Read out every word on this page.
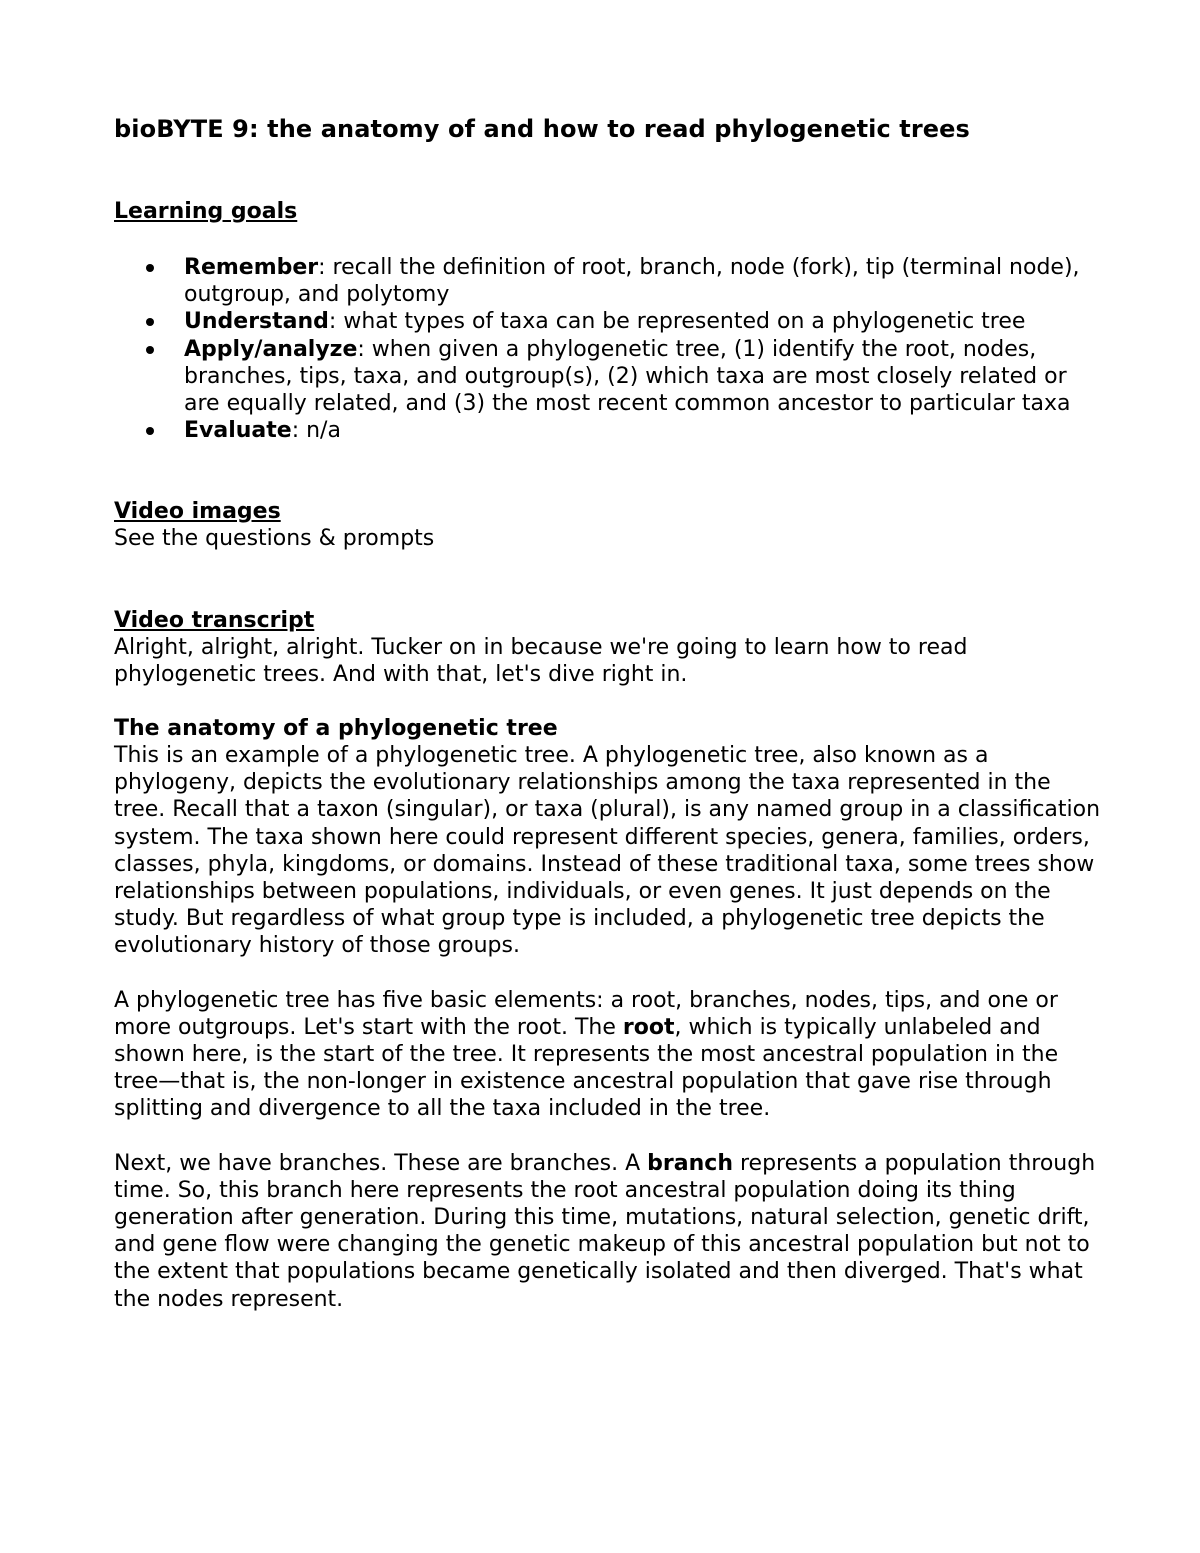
bioBYTE 9: the anatomy of and how to read phylogenetic trees
Learning goals
Remember: recall the definition of root, branch, node (fork), tip (terminal node), outgroup, and polytomy
Understand: what types of taxa can be represented on a phylogenetic tree
Apply/analyze: when given a phylogenetic tree, (1) identify the root, nodes, branches, tips, taxa, and outgroup(s), (2) which taxa are most closely related or are equally related, and (3) the most recent common ancestor to particular taxa
Evaluate: n/a
Video images

See the questions & prompts

Video transcript

Alright, alright, alright. Tucker on in because we're going to learn how to read phylogenetic trees. And with that, let's dive right in.

The anatomy of a phylogenetic tree

This is an example of a phylogenetic tree. A phylogenetic tree, also known as a phylogeny, depicts the evolutionary relationships among the taxa represented in the tree. Recall that a taxon (singular), or taxa (plural), is any named group in a classification system. The taxa shown here could represent different species, genera, families, orders, classes, phyla, kingdoms, or domains. Instead of these traditional taxa, some trees show relationships between populations, individuals, or even genes. It just depends on the study. But regardless of what group type is included, a phylogenetic tree depicts the evolutionary history of those groups.

A phylogenetic tree has five basic elements: a root, branches, nodes, tips, and one or more outgroups. Let's start with the root. The root, which is typically unlabeled and shown here, is the start of the tree. It represents the most ancestral population in the tree—that is, the non-longer in existence ancestral population that gave rise through splitting and divergence to all the taxa included in the tree.

Next, we have branches. These are branches. A branch represents a population through time. So, this branch here represents the root ancestral population doing its thing generation after generation. During this time, mutations, natural selection, genetic drift, and gene flow were changing the genetic makeup of this ancestral population but not to the extent that populations became genetically isolated and then diverged. That's what the nodes represent.
